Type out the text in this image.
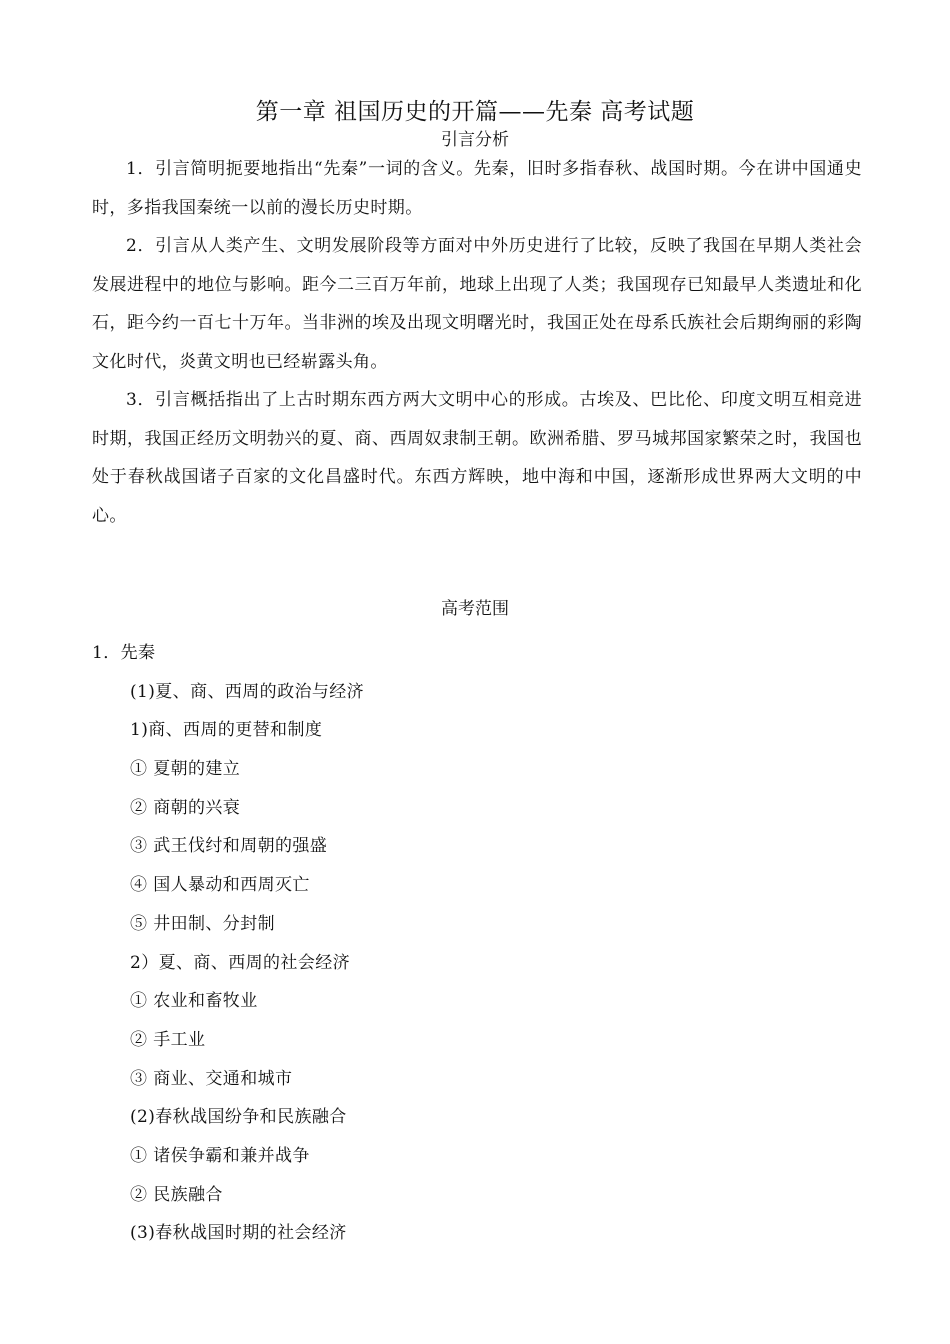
第一章 祖国历史的开篇——先秦 高考试题
引言分析

1．引言简明扼要地指出“先秦”一词的含义。先秦，旧时多指春秋、战国时期。今在讲中国通史时，多指我国秦统一以前的漫长历史时期。

2．引言从人类产生、文明发展阶段等方面对中外历史进行了比较，反映了我国在早期人类社会发展进程中的地位与影响。距今二三百万年前，地球上出现了人类；我国现存已知最早人类遗址和化石，距今约一百七十万年。当非洲的埃及出现文明曙光时，我国正处在母系氏族社会后期绚丽的彩陶文化时代，炎黄文明也已经崭露头角。

3．引言概括指出了上古时期东西方两大文明中心的形成。古埃及、巴比伦、印度文明互相竞进时期，我国正经历文明勃兴的夏、商、西周奴隶制王朝。欧洲希腊、罗马城邦国家繁荣之时，我国也处于春秋战国诸子百家的文化昌盛时代。东西方辉映，地中海和中国，逐渐形成世界两大文明的中心。

高考范围
1．先秦
(1)夏、商、西周的政治与经济
1)商、西周的更替和制度
① 夏朝的建立
② 商朝的兴衰
③ 武王伐纣和周朝的强盛
④ 国人暴动和西周灭亡
⑤ 井田制、分封制
2）夏、商、西周的社会经济
① 农业和畜牧业
② 手工业
③ 商业、交通和城市
(2)春秋战国纷争和民族融合
① 诸侯争霸和兼并战争
② 民族融合
(3)春秋战国时期的社会经济
